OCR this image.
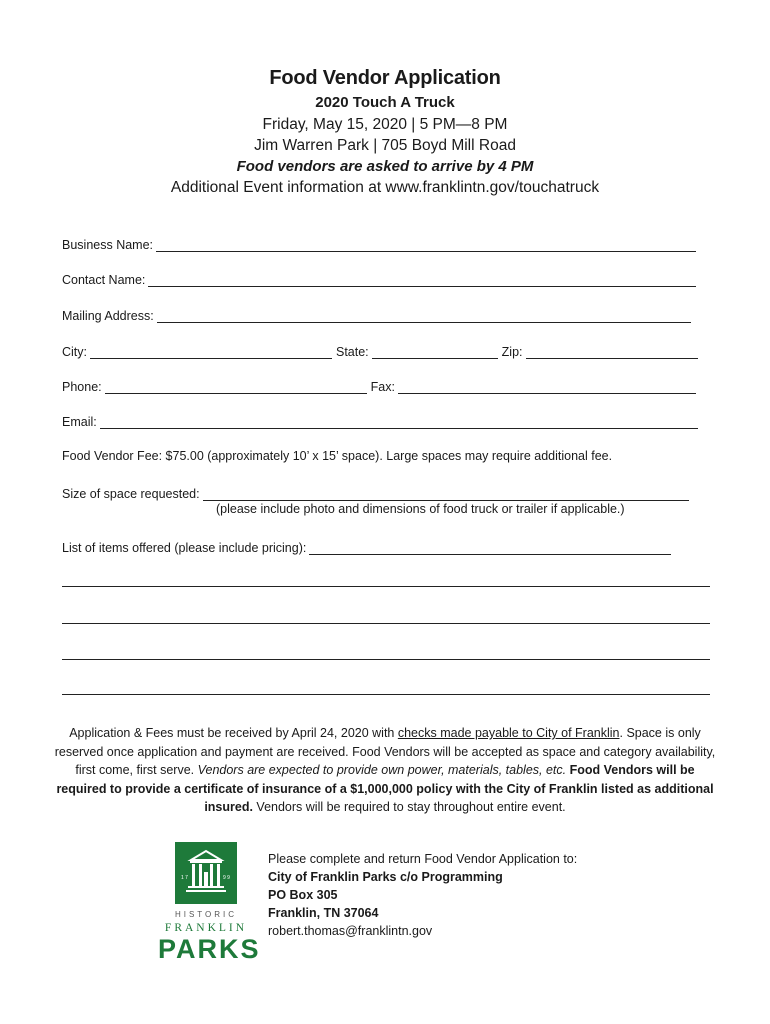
Food Vendor Application
2020 Touch A Truck
Friday, May 15, 2020 | 5 PM—8 PM
Jim Warren Park | 705 Boyd Mill Road
Food vendors are asked to arrive by 4 PM
Additional Event information at www.franklintn.gov/touchatruck
Business Name:
Contact Name:
Mailing Address:
City:	State:	Zip:
Phone:	Fax:
Email:
Food Vendor Fee: $75.00 (approximately 10’ x 15’ space). Large spaces may require additional fee.
Size of space requested:
(please include photo and dimensions of food truck or trailer if applicable.)
List of items offered (please include pricing):
Application & Fees must be received by April 24, 2020 with checks made payable to City of Franklin. Space is only reserved once application and payment are received. Food Vendors will be accepted as space and category availability, first come, first serve. Vendors are expected to provide own power, materials, tables, etc. Food Vendors will be required to provide a certificate of insurance of a $1,000,000 policy with the City of Franklin listed as additional insured. Vendors will be required to stay throughout entire event.
1 7	9 9
HISTORIC
FRANKLIN
PARKS
Please complete and return Food Vendor Application to:
City of Franklin Parks c/o Programming
PO Box 305
Franklin, TN 37064
robert.thomas@franklintn.gov
